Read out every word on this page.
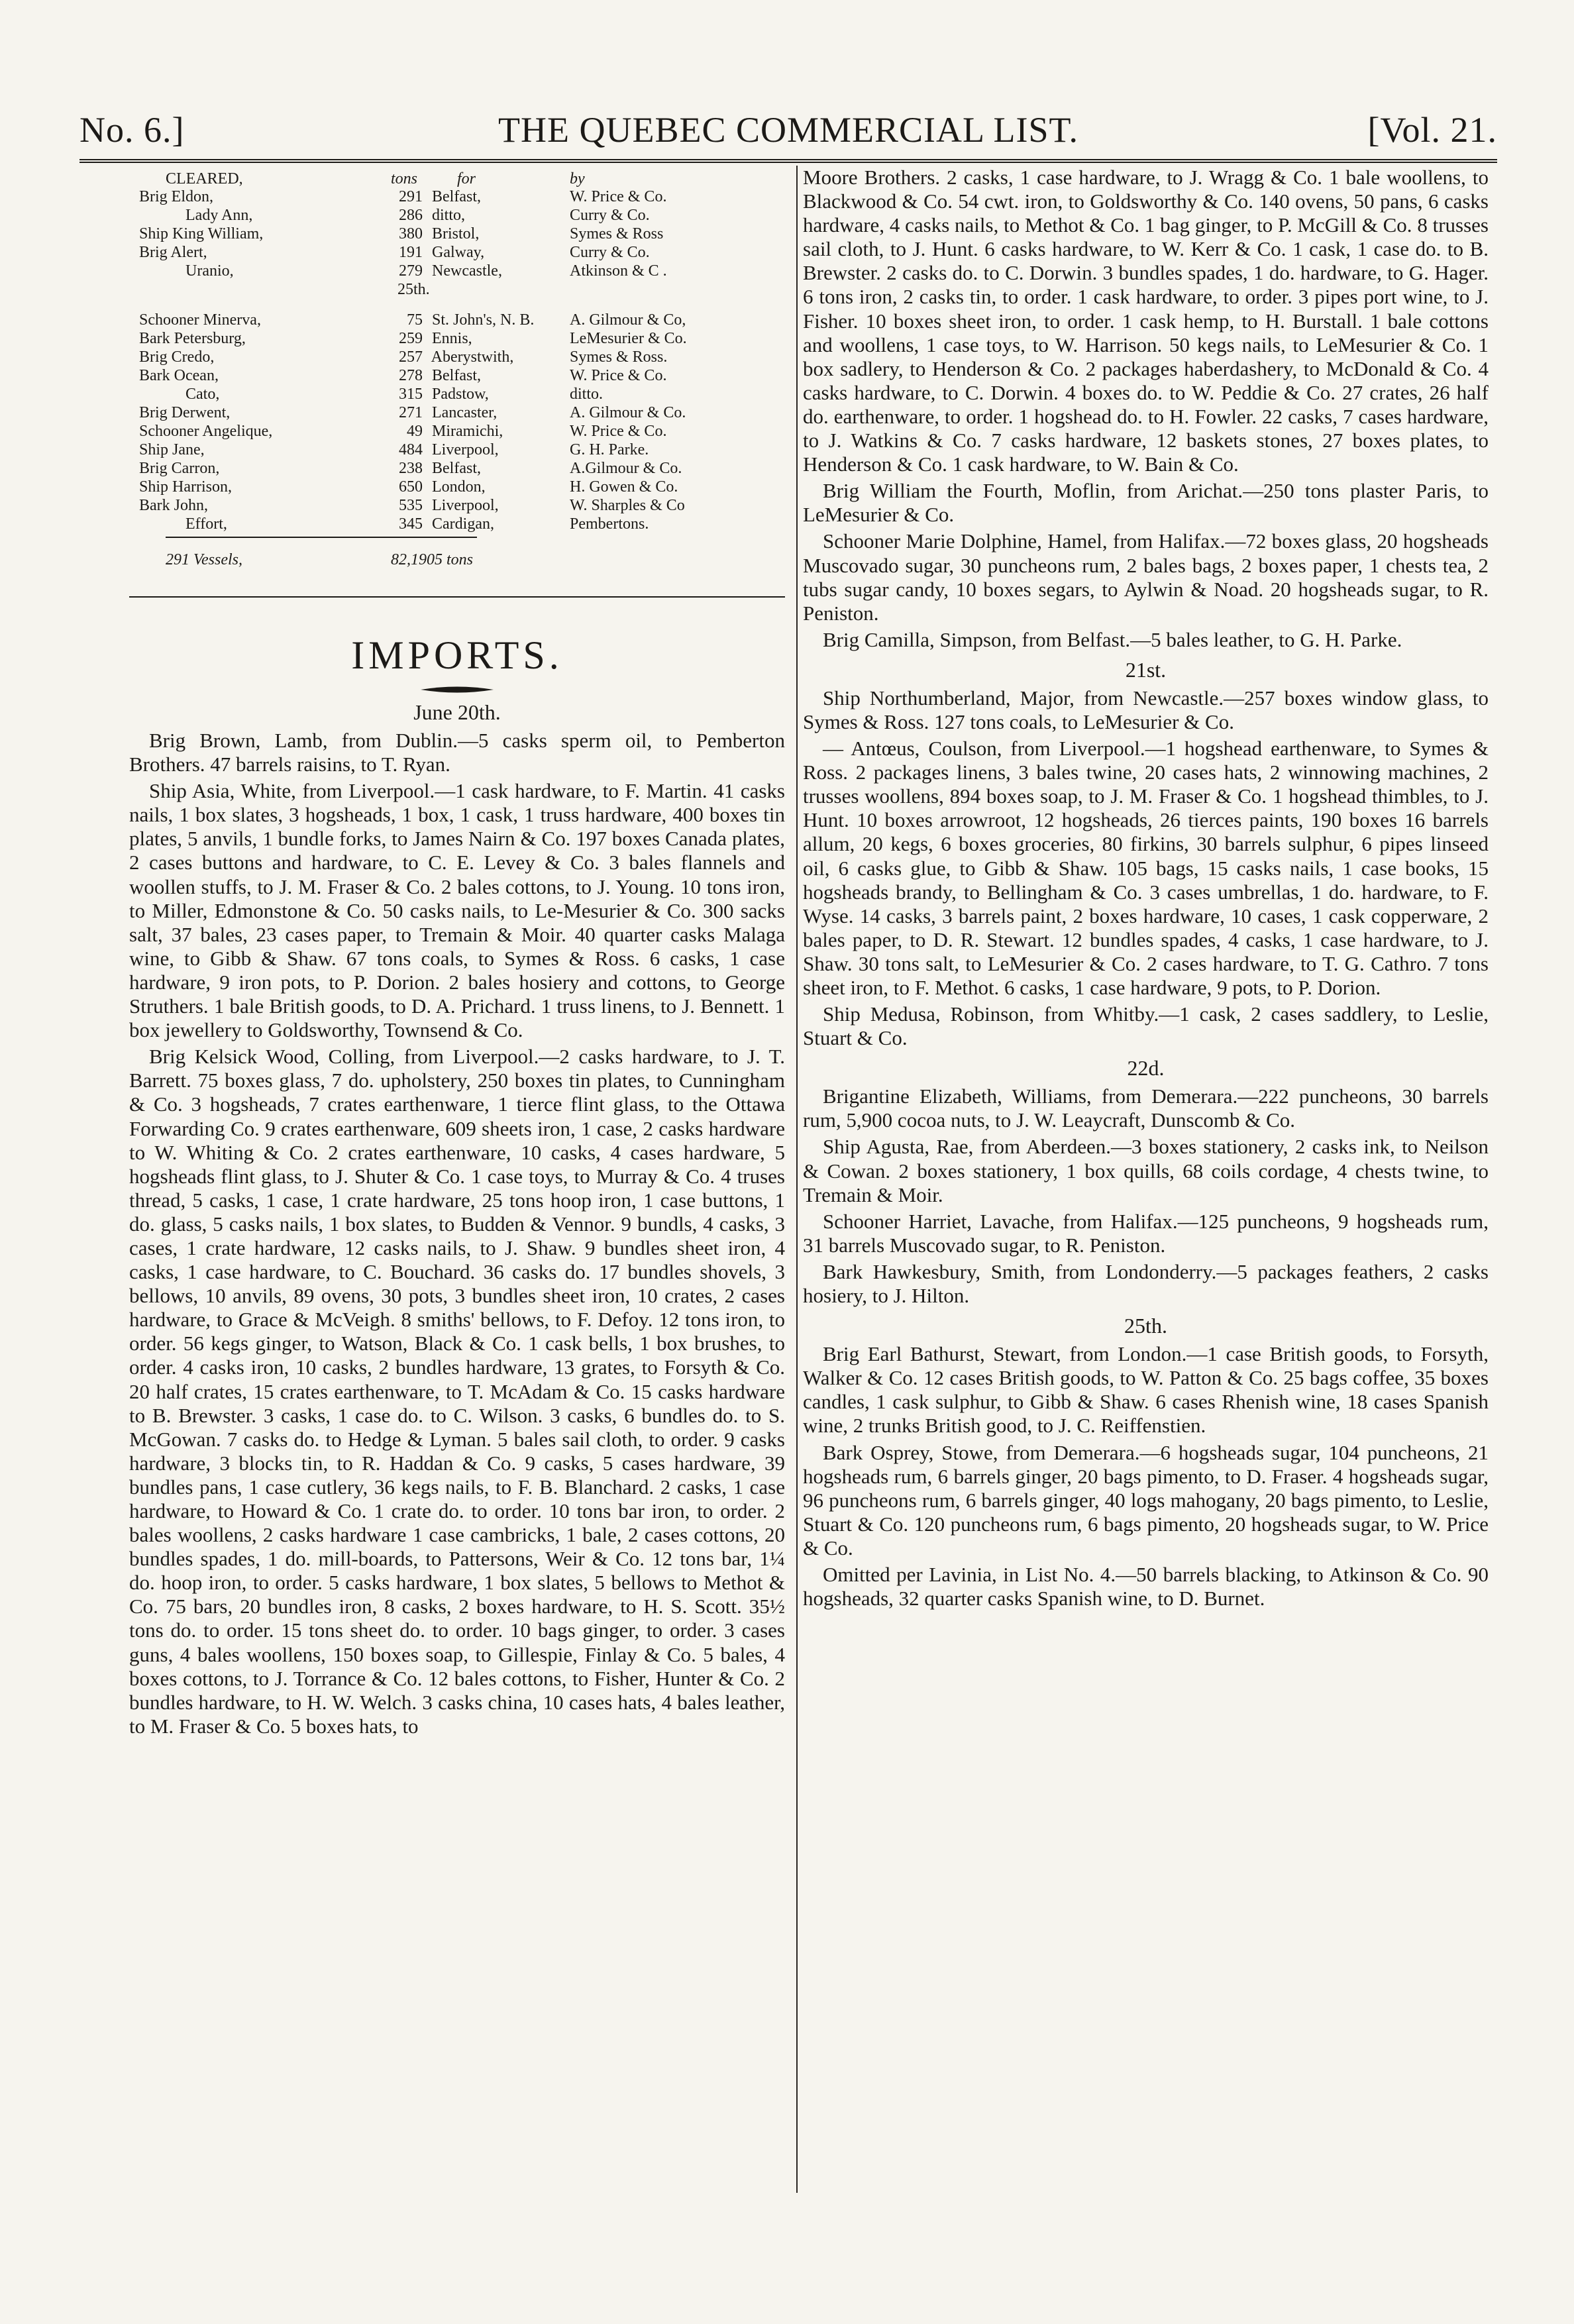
No. 6.]	THE QUEBEC COMMERCIAL LIST.	[Vol. 21.
CLEARED,	tons	for	by
Brig Eldon,	291 Belfast,	W. Price & Co.
Lady Ann,	286 ditto,	Curry & Co.
Ship King William,	380 Bristol,	Symes & Ross
Brig Alert,	191 Galway,	Curry & Co.
Uranio,	279 Newcastle,	Atkinson & C .
25th.
Schooner Minerva,	75 St. John's, N. B.	A. Gilmour & Co,
Bark Petersburg,	259 Ennis,	LeMesurier & Co.
Brig Credo,	257 Aberystwith,	Symes & Ross.
Bark Ocean,	278 Belfast,	W. Price & Co.
Cato,	315 Padstow,	ditto.
Brig Derwent,	271 Lancaster,	A. Gilmour & Co.
Schooner Angelique,	49 Miramichi,	W. Price & Co.
Ship Jane,	484 Liverpool,	G. H. Parke.
Brig Carron,	238 Belfast,	A.Gilmour & Co.
Ship Harrison,	650 London,	H. Gowen & Co.
Bark John,	535 Liverpool,	W. Sharples & Co
Effort,	345 Cardigan,	Pembertons.
291 Vessels,	82,1905 tons
IMPORTS.
June 20th.

Brig Brown, Lamb, from Dublin.—5 casks sperm oil, to Pemberton Brothers. 47 barrels raisins, to T. Ryan.

Ship Asia, White, from Liverpool.—1 cask hardware, to F. Martin. 41 casks nails, 1 box slates, 3 hogsheads, 1 box, 1 cask, 1 truss hardware, 400 boxes tin plates, 5 anvils, 1 bundle forks, to James Nairn & Co. 197 boxes Canada plates, 2 cases buttons and hardware, to C. E. Levey & Co. 3 bales flannels and woollen stuffs, to J. M. Fraser & Co. 2 bales cottons, to J. Young. 10 tons iron, to Miller, Edmonstone & Co. 50 casks nails, to Le-Mesurier & Co. 300 sacks salt, 37 bales, 23 cases paper, to Tremain & Moir. 40 quarter casks Malaga wine, to Gibb & Shaw. 67 tons coals, to Symes & Ross. 6 casks, 1 case hardware, 9 iron pots, to P. Dorion. 2 bales hosiery and cottons, to George Struthers. 1 bale British goods, to D. A. Prichard. 1 truss linens, to J. Bennett. 1 box jewellery to Goldsworthy, Townsend & Co.

Brig Kelsick Wood, Colling, from Liverpool.—2 casks hardware, to J. T. Barrett. 75 boxes glass, 7 do. upholstery, 250 boxes tin plates, to Cunningham & Co. 3 hogsheads, 7 crates earthenware, 1 tierce flint glass, to the Ottawa Forwarding Co. 9 crates earthenware, 609 sheets iron, 1 case, 2 casks hardware to W. Whiting & Co. 2 crates earthenware, 10 casks, 4 cases hardware, 5 hogsheads flint glass, to J. Shuter & Co. 1 case toys, to Murray & Co. 4 truses thread, 5 casks, 1 case, 1 crate hardware, 25 tons hoop iron, 1 case buttons, 1 do. glass, 5 casks nails, 1 box slates, to Budden & Vennor. 9 bundls, 4 casks, 3 cases, 1 crate hardware, 12 casks nails, to J. Shaw. 9 bundles sheet iron, 4 casks, 1 case hardware, to C. Bouchard. 36 casks do. 17 bundles shovels, 3 bellows, 10 anvils, 89 ovens, 30 pots, 3 bundles sheet iron, 10 crates, 2 cases hardware, to Grace & McVeigh. 8 smiths' bellows, to F. Defoy. 12 tons iron, to order. 56 kegs ginger, to Watson, Black & Co. 1 cask bells, 1 box brushes, to order. 4 casks iron, 10 casks, 2 bundles hardware, 13 grates, to Forsyth & Co. 20 half crates, 15 crates earthenware, to T. McAdam & Co. 15 casks hardware to B. Brewster. 3 casks, 1 case do. to C. Wilson. 3 casks, 6 bundles do. to S. McGowan. 7 casks do. to Hedge & Lyman. 5 bales sail cloth, to order. 9 casks hardware, 3 blocks tin, to R. Haddan & Co. 9 casks, 5 cases hardware, 39 bundles pans, 1 case cutlery, 36 kegs nails, to F. B. Blanchard. 2 casks, 1 case hardware, to Howard & Co. 1 crate do. to order. 10 tons bar iron, to order. 2 bales woollens, 2 casks hardware 1 case cambricks, 1 bale, 2 cases cottons, 20 bundles spades, 1 do. mill-boards, to Pattersons, Weir & Co. 12 tons bar, 1¼ do. hoop iron, to order. 5 casks hardware, 1 box slates, 5 bellows to Methot & Co. 75 bars, 20 bundles iron, 8 casks, 2 boxes hardware, to H. S. Scott. 35½ tons do. to order. 15 tons sheet do. to order. 10 bags ginger, to order. 3 cases guns, 4 bales woollens, 150 boxes soap, to Gillespie, Finlay & Co. 5 bales, 4 boxes cottons, to J. Torrance & Co. 12 bales cottons, to Fisher, Hunter & Co. 2 bundles hardware, to H. W. Welch. 3 casks china, 10 cases hats, 4 bales leather, to M. Fraser & Co. 5 boxes hats, to

Moore Brothers. 2 casks, 1 case hardware, to J. Wragg & Co. 1 bale woollens, to Blackwood & Co. 54 cwt. iron, to Goldsworthy & Co. 140 ovens, 50 pans, 6 casks hardware, 4 casks nails, to Methot & Co. 1 bag ginger, to P. McGill & Co. 8 trusses sail cloth, to J. Hunt. 6 casks hardware, to W. Kerr & Co. 1 cask, 1 case do. to B. Brewster. 2 casks do. to C. Dorwin. 3 bundles spades, 1 do. hardware, to G. Hager. 6 tons iron, 2 casks tin, to order. 1 cask hardware, to order. 3 pipes port wine, to J. Fisher. 10 boxes sheet iron, to order. 1 cask hemp, to H. Burstall. 1 bale cottons and woollens, 1 case toys, to W. Harrison. 50 kegs nails, to LeMesurier & Co. 1 box sadlery, to Henderson & Co. 2 packages haberdashery, to McDonald & Co. 4 casks hardware, to C. Dorwin. 4 boxes do. to W. Peddie & Co. 27 crates, 26 half do. earthenware, to order. 1 hogshead do. to H. Fowler. 22 casks, 7 cases hardware, to J. Watkins & Co. 7 casks hardware, 12 baskets stones, 27 boxes plates, to Henderson & Co. 1 cask hardware, to W. Bain & Co.

Brig William the Fourth, Moflin, from Arichat.—250 tons plaster Paris, to LeMesurier & Co.

Schooner Marie Dolphine, Hamel, from Halifax.—72 boxes glass, 20 hogsheads Muscovado sugar, 30 puncheons rum, 2 bales bags, 2 boxes paper, 1 chests tea, 2 tubs sugar candy, 10 boxes segars, to Aylwin & Noad. 20 hogsheads sugar, to R. Peniston.

Brig Camilla, Simpson, from Belfast.—5 bales leather, to G. H. Parke.

21st.

Ship Northumberland, Major, from Newcastle.—257 boxes window glass, to Symes & Ross. 127 tons coals, to LeMesurier & Co.

— Antœus, Coulson, from Liverpool.—1 hogshead earthenware, to Symes & Ross. 2 packages linens, 3 bales twine, 20 cases hats, 2 winnowing machines, 2 trusses woollens, 894 boxes soap, to J. M. Fraser & Co. 1 hogshead thimbles, to J. Hunt. 10 boxes arrowroot, 12 hogsheads, 26 tierces paints, 190 boxes 16 barrels allum, 20 kegs, 6 boxes groceries, 80 firkins, 30 barrels sulphur, 6 pipes linseed oil, 6 casks glue, to Gibb & Shaw. 105 bags, 15 casks nails, 1 case books, 15 hogsheads brandy, to Bellingham & Co. 3 cases umbrellas, 1 do. hardware, to F. Wyse. 14 casks, 3 barrels paint, 2 boxes hardware, 10 cases, 1 cask copperware, 2 bales paper, to D. R. Stewart. 12 bundles spades, 4 casks, 1 case hardware, to J. Shaw. 30 tons salt, to LeMesurier & Co. 2 cases hardware, to T. G. Cathro. 7 tons sheet iron, to F. Methot. 6 casks, 1 case hardware, 9 pots, to P. Dorion.

Ship Medusa, Robinson, from Whitby.—1 cask, 2 cases saddlery, to Leslie, Stuart & Co.

22d.

Brigantine Elizabeth, Williams, from Demerara.—222 puncheons, 30 barrels rum, 5,900 cocoa nuts, to J. W. Leaycraft, Dunscomb & Co.

Ship Agusta, Rae, from Aberdeen.—3 boxes stationery, 2 casks ink, to Neilson & Cowan. 2 boxes stationery, 1 box quills, 68 coils cordage, 4 chests twine, to Tremain & Moir.

Schooner Harriet, Lavache, from Halifax.—125 puncheons, 9 hogsheads rum, 31 barrels Muscovado sugar, to R. Peniston.

Bark Hawkesbury, Smith, from Londonderry.—5 packages feathers, 2 casks hosiery, to J. Hilton.

25th.

Brig Earl Bathurst, Stewart, from London.—1 case British goods, to Forsyth, Walker & Co. 12 cases British goods, to W. Patton & Co. 25 bags coffee, 35 boxes candles, 1 cask sulphur, to Gibb & Shaw. 6 cases Rhenish wine, 18 cases Spanish wine, 2 trunks British good, to J. C. Reiffenstien.

Bark Osprey, Stowe, from Demerara.—6 hogsheads sugar, 104 puncheons, 21 hogsheads rum, 6 barrels ginger, 20 bags pimento, to D. Fraser. 4 hogsheads sugar, 96 puncheons rum, 6 barrels ginger, 40 logs mahogany, 20 bags pimento, to Leslie, Stuart & Co. 120 puncheons rum, 6 bags pimento, 20 hogsheads sugar, to W. Price & Co.

Omitted per Lavinia, in List No. 4.—50 barrels blacking, to Atkinson & Co. 90 hogsheads, 32 quarter casks Spanish wine, to D. Burnet.
